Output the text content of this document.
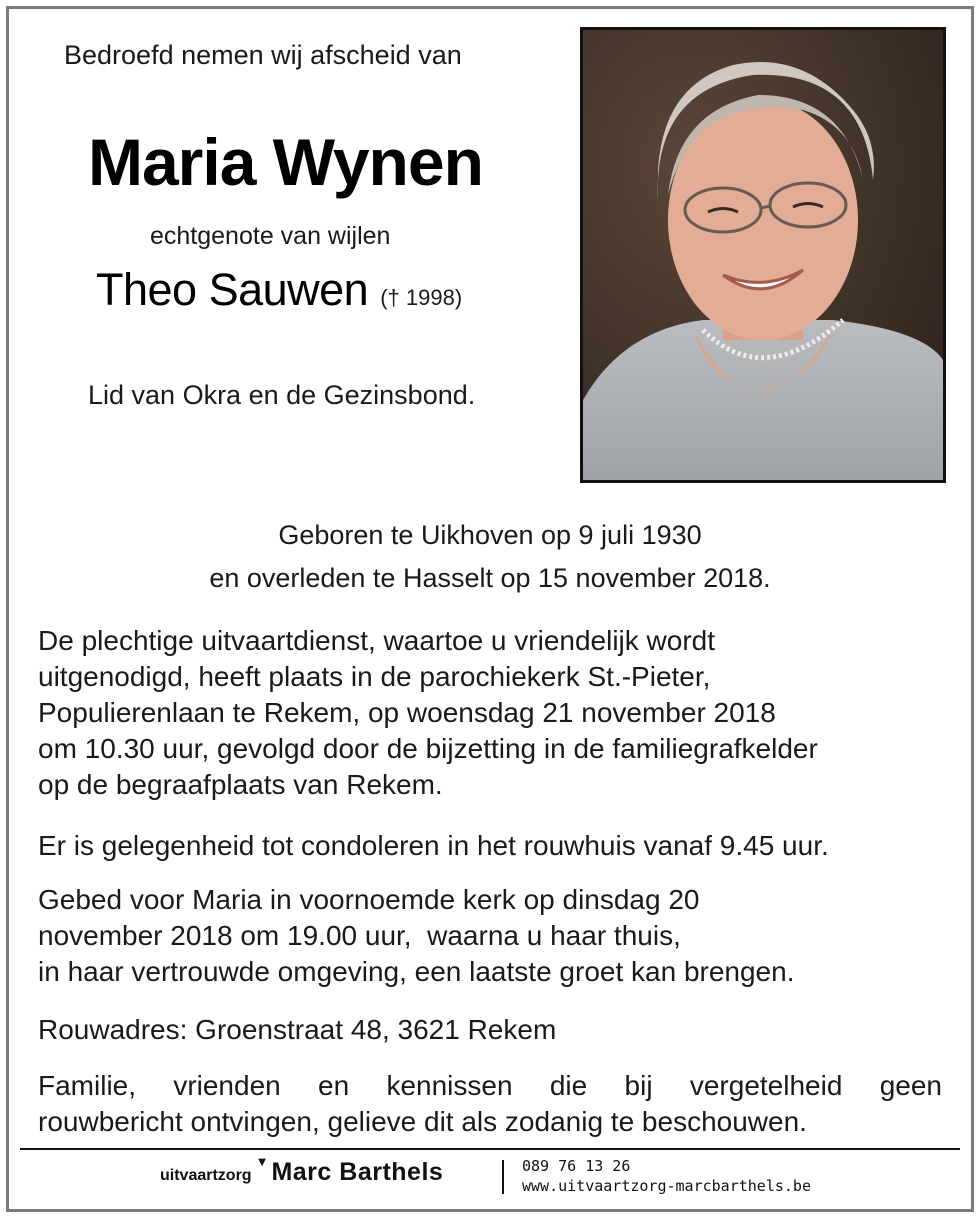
Bedroefd nemen wij afscheid van
Maria Wynen
echtgenote van wijlen
Theo Sauwen († 1998)
Lid van Okra en de Gezinsbond.
Geboren te Uikhoven op 9 juli 1930
en overleden te Hasselt op 15 november 2018.
De plechtige uitvaartdienst, waartoe u vriendelijk wordt
uitgenodigd, heeft plaats in de parochiekerk St.-Pieter,
Populierenlaan te Rekem, op woensdag 21 november 2018
om 10.30 uur, gevolgd door de bijzetting in de familiegrafkelder
op de begraafplaats van Rekem.
Er is gelegenheid tot condoleren in het rouwhuis vanaf 9.45 uur.
Gebed voor Maria in voornoemde kerk op dinsdag 20
november 2018 om 19.00 uur,  waarna u haar thuis,
in haar vertrouwde omgeving, een laatste groet kan brengen.
Rouwadres: Groenstraat 48, 3621 Rekem
Familie, vrienden en kennissen die bij vergetelheid geen
rouwbericht ontvingen, gelieve dit als zodanig te beschouwen.
uitvaartzorg
▼ Marc Barthels	089 76 13 26
www.uitvaartzorg-marcbarthels.be
